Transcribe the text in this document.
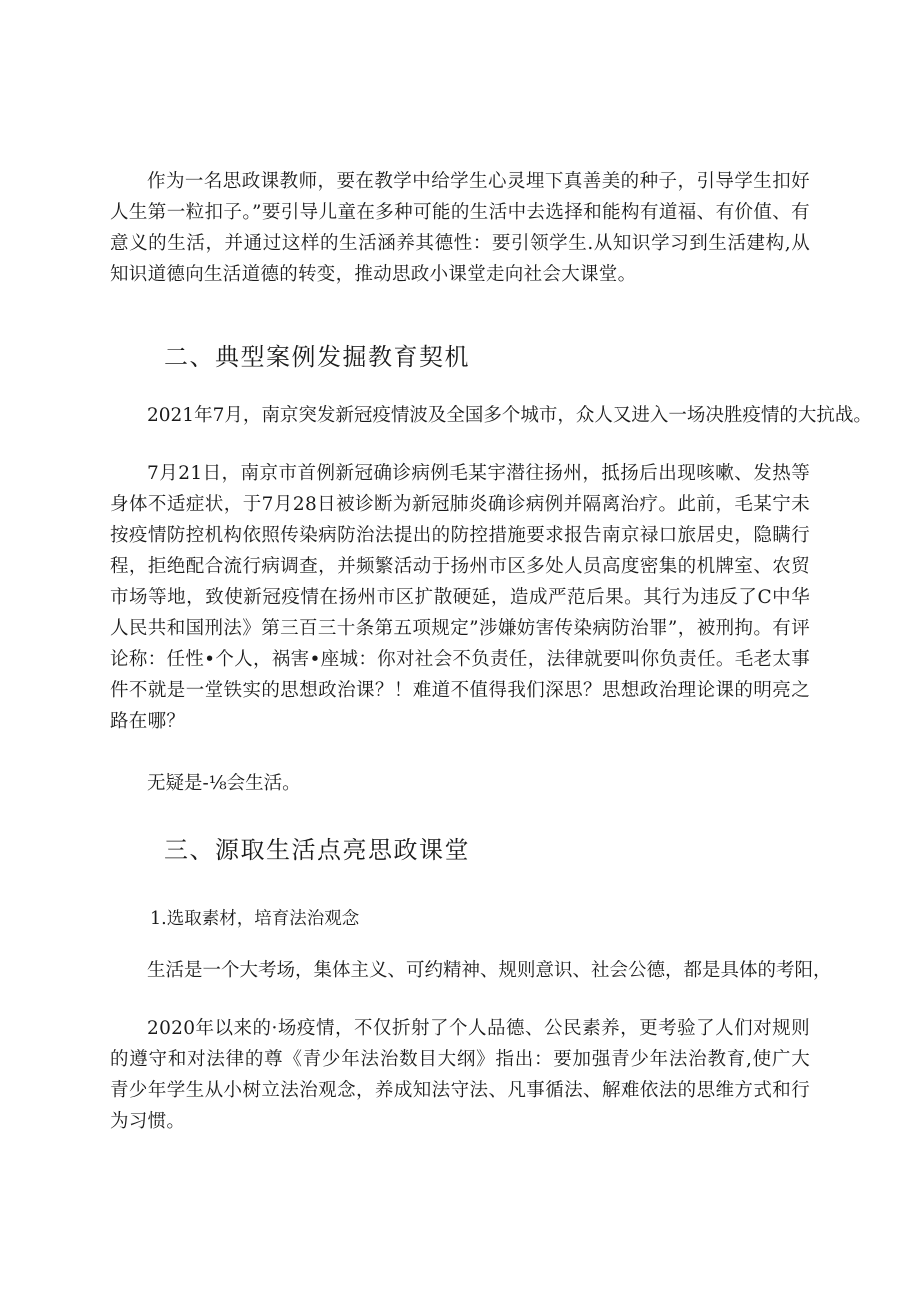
作为一名思政课教师，要在教学中给学生心灵埋下真善美的种子，引导学生扣好人生第一粒扣子。”要引导儿童在多种可能的生活中去选择和能构有道福、有价值、有意义的生活，并通过这样的生活涵养其德性：要引领学生.从知识学习到生活建构,从知识道德向生活道德的转变，推动思政小课堂走向社会大课堂。

二、典型案例发掘教育契机

2021年7月，南京突发新冠疫情波及全国多个城市，众人又进入一场决胜疫情的大抗战。

7月21日，南京市首例新冠确诊病例毛某宇潜往扬州，抵扬后出现咳嗽、发热等身体不适症状，于7月28日被诊断为新冠肺炎确诊病例并隔离治疗。此前，毛某宁未按疫情防控机构依照传染病防治法提出的防控措施要求报告南京禄口旅居史，隐瞒行程，拒绝配合流行病调查，并频繁活动于扬州市区多处人员高度密集的机牌室、农贸市场等地，致使新冠疫情在扬州市区扩散硬延，造成严范后果。其行为违反了C中华人民共和国刑法》第三百三十条第五项规定”涉嫌妨害传染病防治罪”，被刑拘。有评论称：任性•个人，祸害•座城：你对社会不负责任，法律就要叫你负责任。毛老太事件不就是一堂铁实的思想政治课？！难道不值得我们深思？思想政治理论课的明亮之路在哪？

无疑是-⅛会生活。

三、源取生活点亮思政课堂
1.选取素材，培育法治观念

生活是一个大考场，集体主义、可约精神、规则意识、社会公德，都是具体的考阳，

2020年以来的·场疫情，不仅折射了个人品德、公民素养，更考验了人们对规则的遵守和对法律的尊《青少年法治数目大纲》指出：要加强青少年法治教育,使广大青少年学生从小树立法治观念，养成知法守法、凡事循法、解难依法的思维方式和行为习惯。
